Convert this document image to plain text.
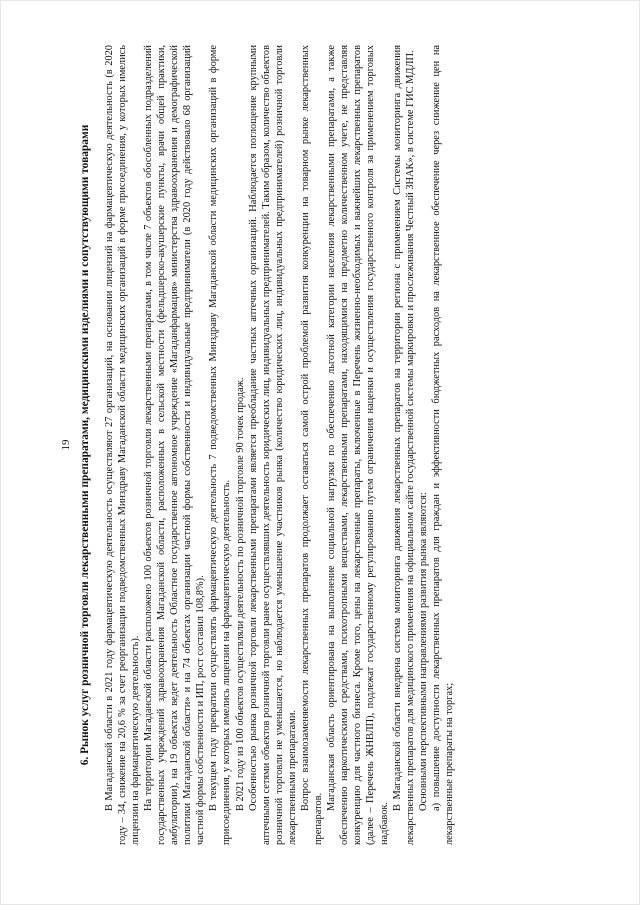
19 6. Рынок услуг розничной торговли лекарственными препаратами, медицинскими изделиями и сопутствующими товарами В Магаданской области в 2021 году фармацевтическую деятельность осуществляют 27 организаций, на основании лицензий на фармацевтическую деятельность (в 2020 году – 34, снижение на 20,6 % за счет реорганизации подведомственных Минздраву Магаданской области медицинских организаций в форме присоединения, у которых имелись лицензии на фармацевтическую деятельность). На территории Магаданской области расположено 100 объектов розничной торговли лекарственными препаратами, в том числе 7 объектов обособленных подразделений государственных учреждений здравоохранения Магаданской области, расположенных в сельской местности (фельдшерско-акушерские пункты, врачи общей практики, амбулатории), на 19 объектах ведет деятельность Областное государственное автономное учреждение «Магаданфармация» министерства здравоохранения и демографической политики Магаданской области» и на 74 объектах организации частной формы собственности и индивидуальные предприниматели (в 2020 году действовало 68 организаций частной формы собственности и ИП, рост составил 108,8%). В текущем году прекратили осуществлять фармацевтическую деятельность 7 подведомственных Минздраву Магаданской области медицинских организаций в форме присоединения, у которых имелись лицензии на фармацевтическую деятельность. В 2021 году из 100 объектов осуществляли деятельность по розничной торговле 90 точек продаж. Особенностью рынка розничной торговли лекарственными препаратами является преобладание частных аптечных организаций. Наблюдается поглощение крупными аптечными сетями объектов розничной торговли ранее осуществлявших деятельность юридических лиц, индивидуальных предпринимателей. Таким образом, количество объектов розничной торговли не уменьшается, но наблюдается уменьшение участников рынка (количество юридических лиц, индивидуальных предпринимателей) розничной торговли лекарственными препаратами. Вопрос взаимозаменяемости лекарственных препаратов продолжает оставаться самой острой проблемой развития конкуренции на товарном рынке лекарственных препаратов.

Магаданская область ориентирована на выполнение социальной нагрузки по обеспечению льготной категории населения лекарственными препаратами, а также обеспечению наркотическими средствами, психотропными веществами, лекарственными препаратами, находящимися на предметно количественном учете, не представляя конкуренцию для частного бизнеса. Кроме того, цены на лекарственные препараты, включенные в Перечень жизненно-необходимых и важнейших лекарственных препаратов (далее – Перечень ЖНВЛП), подлежат государственному регулированию путем ограничения наценки и осуществления государственного контроля за применением торговых надбавок.

В Магаданской области внедрена система мониторинга движения лекарственных препаратов на территории региона с применением Системы мониторинга движения лекарственных препаратов для медицинского применения на официальном сайте государственной системы маркировки и прослеживания Честный ЗНАК», в системе ГИС МДЛП. Основными перспективными направлениями развития рынка являются: а) повышение доступности лекарственных препаратов для граждан и эффективности бюджетных расходов на лекарственное обеспечение через снижение цен на лекарственные препараты на торгах;
